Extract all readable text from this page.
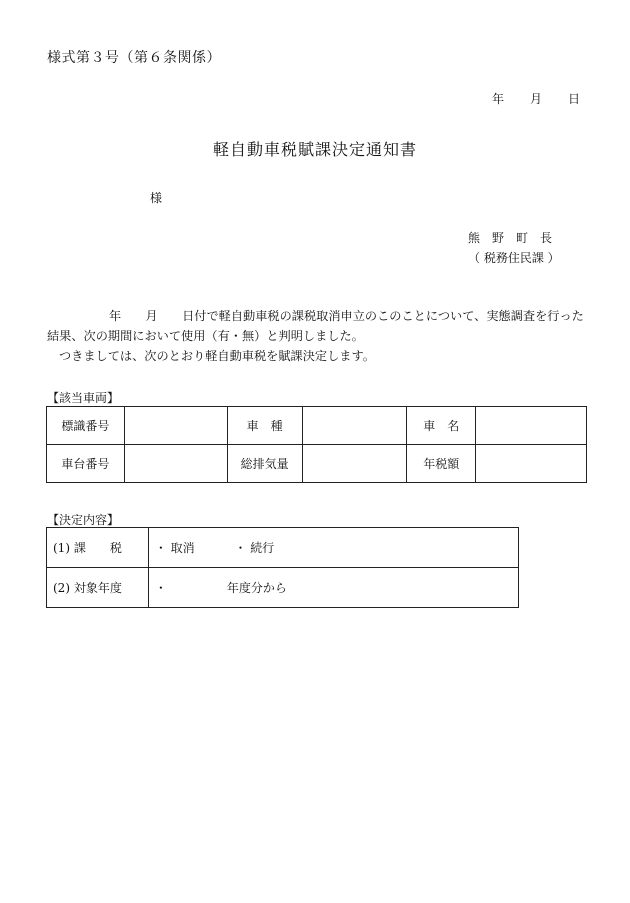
様式第３号（第６条関係）
年 月 日
軽自動車税賦課決定通知書
様
熊　野　町　長
（ 税務住民課 ）

年　　月　　日付で軽自動車税の課税取消申立のこのことについて、実態調査を行った結果、次の期間において使用（有・無）と判明しました。

つきましては、次のとおり軽自動車税を賦課決定します。

【該当車両】
標識番号		車　種		車　名	
車台番号		総排気量		年税額	
【決定内容】
(1) 課　　税	・ 取消　　　 ・ 続行
(2) 対象年度	・　　　　　年度分から
